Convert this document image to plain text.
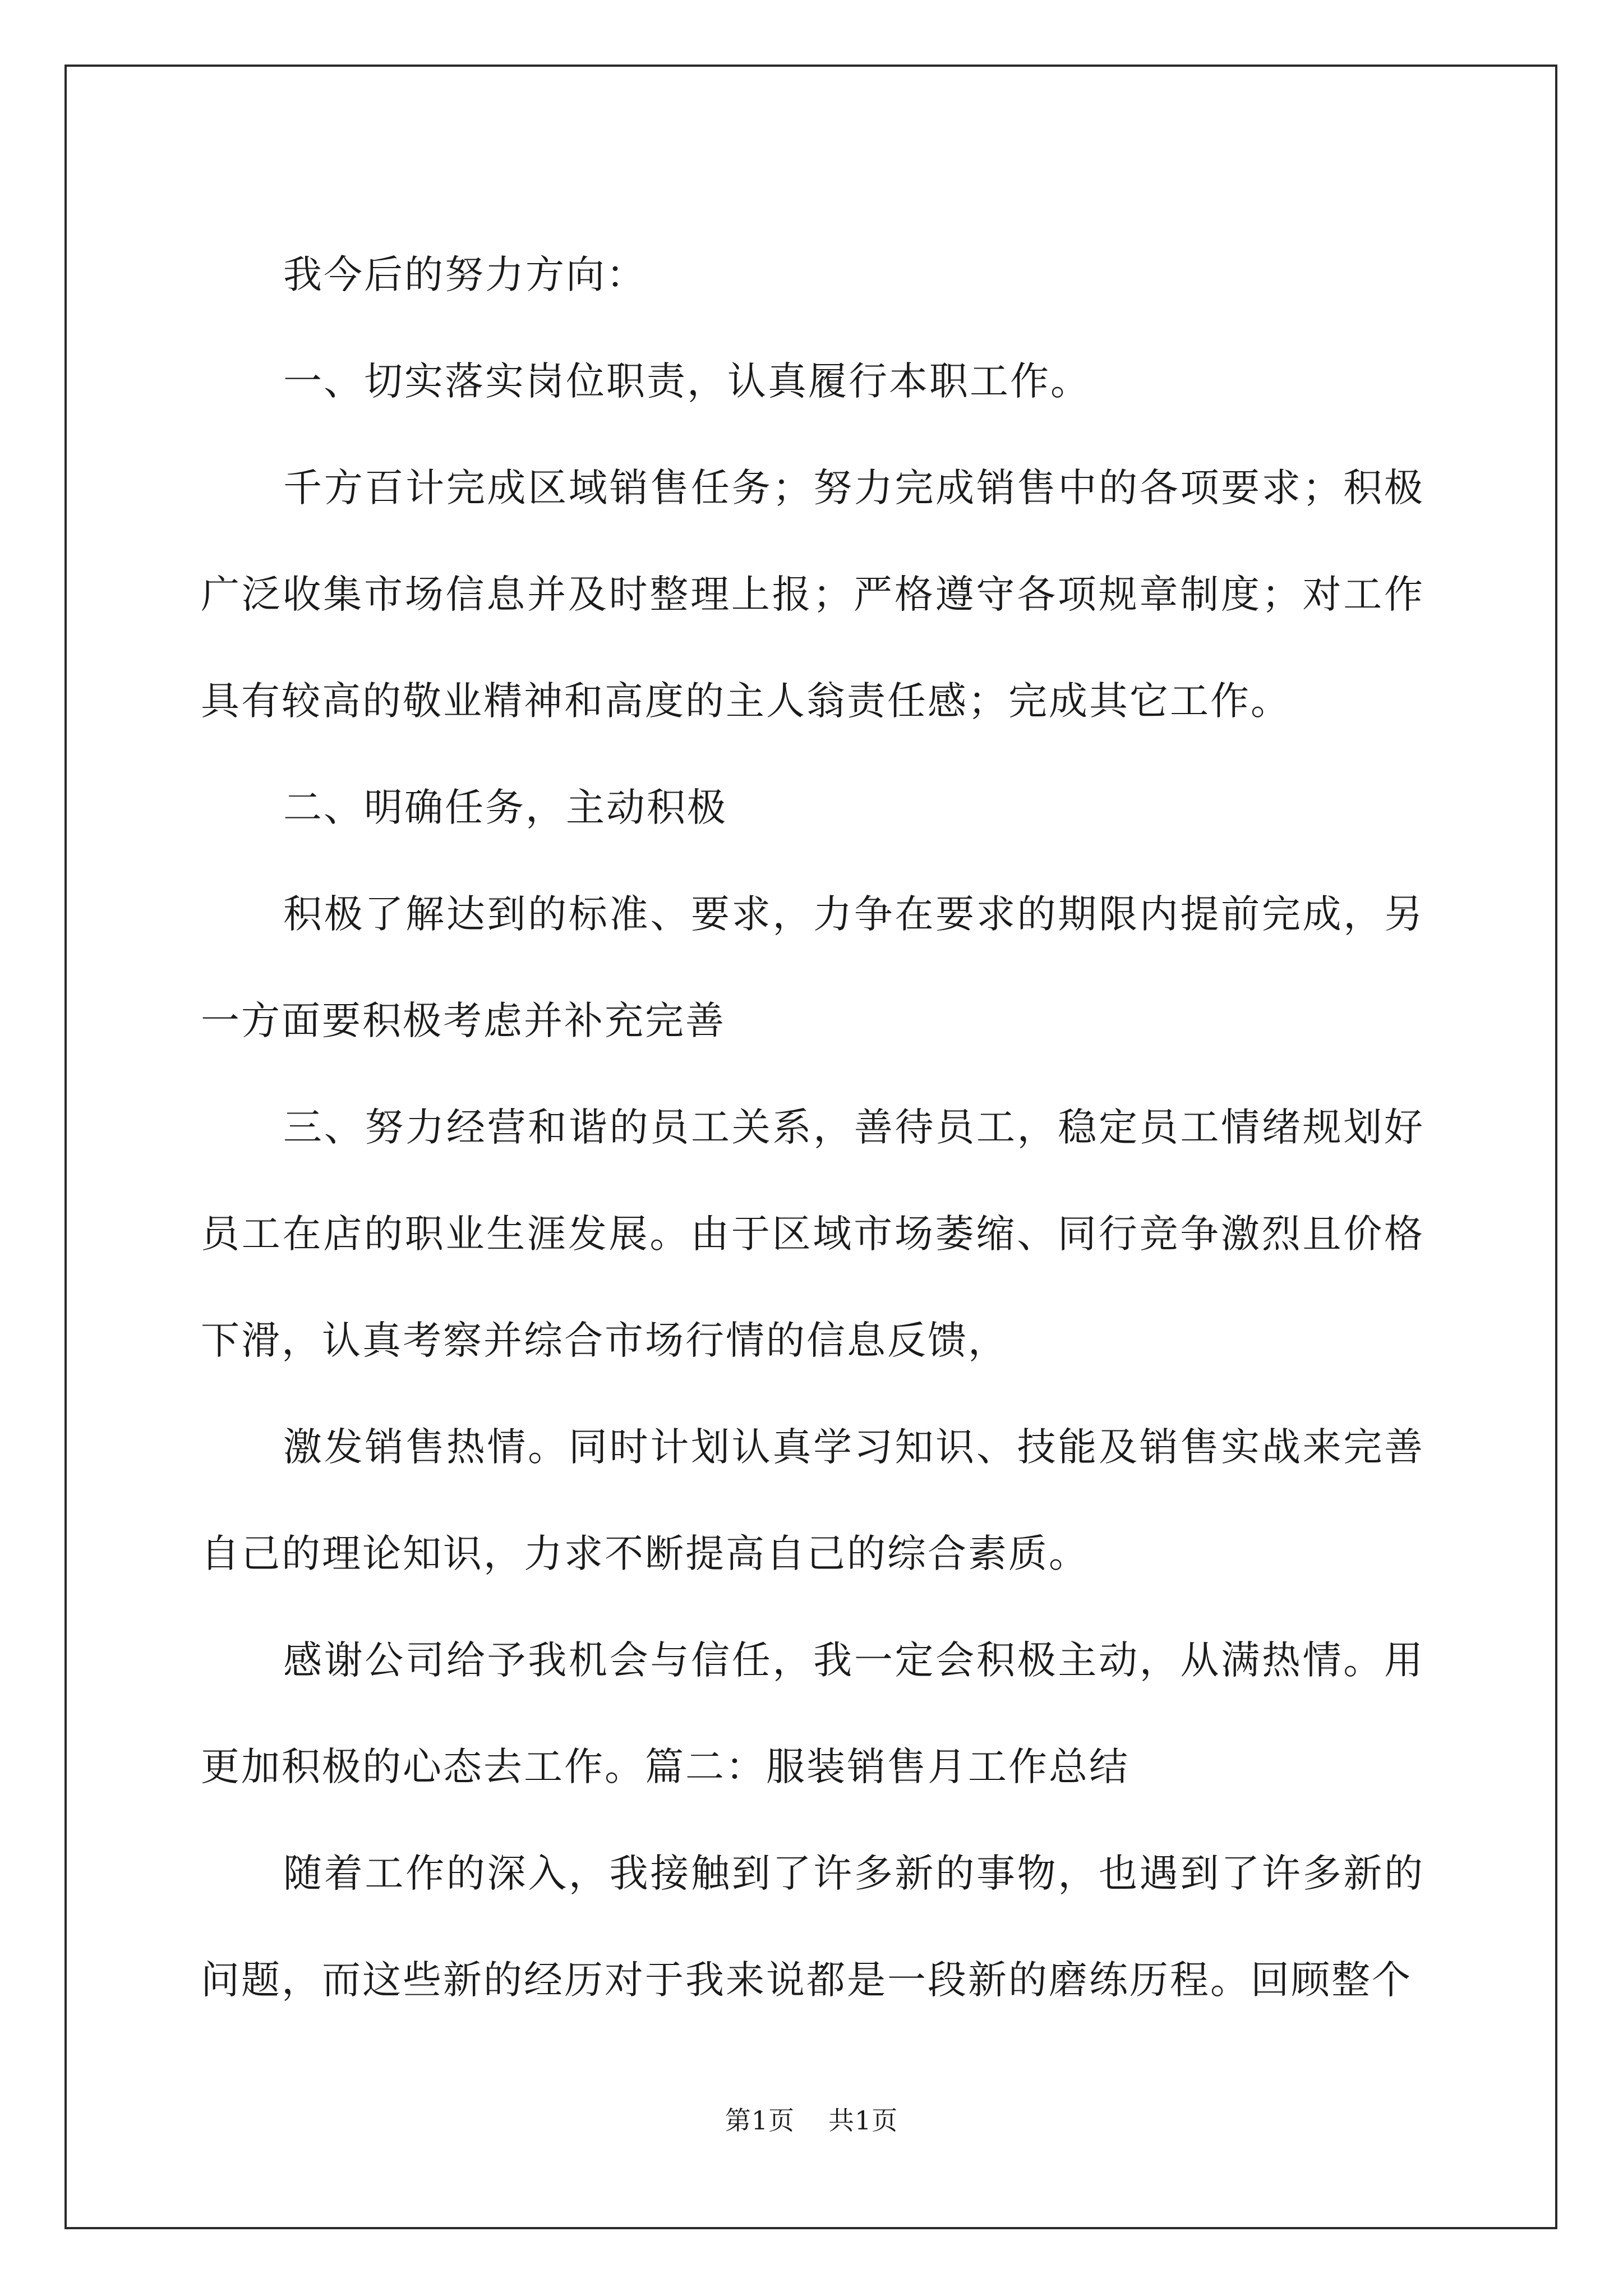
我今后的努力方向：

一、切实落实岗位职责，认真履行本职工作。

千方百计完成区域销售任务；努力完成销售中的各项要求；积极广泛收集市场信息并及时整理上报；严格遵守各项规章制度；对工作具有较高的敬业精神和高度的主人翁责任感；完成其它工作。

二、明确任务，主动积极

积极了解达到的标准、要求，力争在要求的期限内提前完成，另一方面要积极考虑并补充完善

三、努力经营和谐的员工关系，善待员工，稳定员工情绪规划好员工在店的职业生涯发展。由于区域市场萎缩、同行竞争激烈且价格下滑，认真考察并综合市场行情的信息反馈，

激发销售热情。同时计划认真学习知识、技能及销售实战来完善自己的理论知识，力求不断提高自己的综合素质。

感谢公司给予我机会与信任，我一定会积极主动，从满热情。用更加积极的心态去工作。篇二：服装销售月工作总结

随着工作的深入，我接触到了许多新的事物，也遇到了许多新的问题，而这些新的经历对于我来说都是一段新的磨练历程。回顾整个

第1页 共1页
